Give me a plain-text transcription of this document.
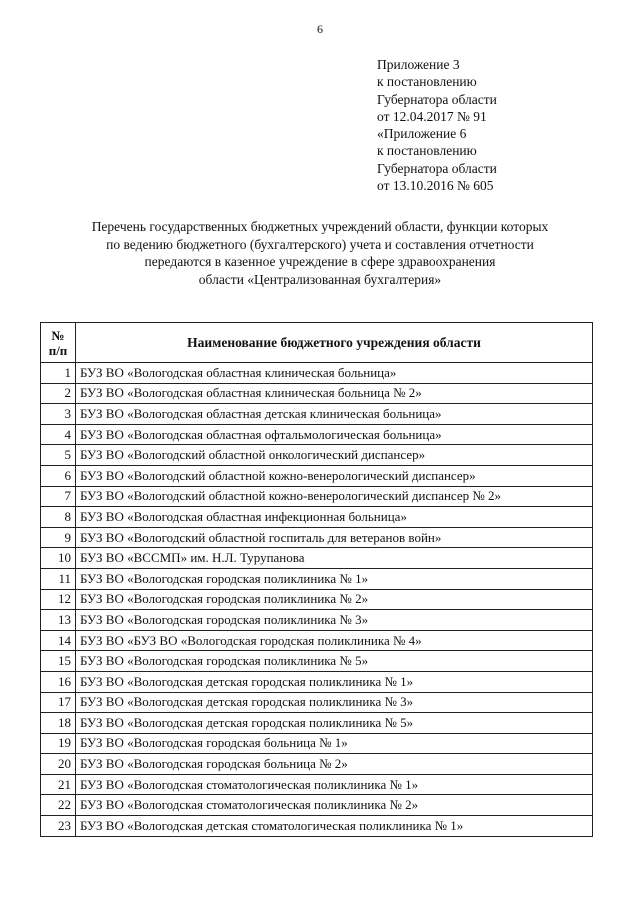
6
Приложение 3
к постановлению
Губернатора области
от 12.04.2017 № 91
«Приложение 6
к постановлению
Губернатора области
от 13.10.2016 № 605
Перечень государственных бюджетных учреждений области, функции которых
по ведению бюджетного (бухгалтерского) учета и составления отчетности
передаются в казенное учреждение в сфере здравоохранения
области «Централизованная бухгалтерия»
№
п/п	Наименование бюджетного учреждения области
1	БУЗ ВО «Вологодская областная клиническая больница»
2	БУЗ ВО «Вологодская областная клиническая больница № 2»
3	БУЗ ВО «Вологодская областная детская клиническая больница»
4	БУЗ ВО «Вологодская областная офтальмологическая больница»
5	БУЗ ВО «Вологодский областной онкологический диспансер»
6	БУЗ ВО «Вологодский областной кожно-венерологический диспансер»
7	БУЗ ВО «Вологодский областной кожно-венерологический диспансер № 2»
8	БУЗ ВО «Вологодская областная инфекционная больница»
9	БУЗ ВО «Вологодский областной госпиталь для ветеранов войн»
10	БУЗ ВО «ВССМП» им. Н.Л. Турупанова
11	БУЗ ВО «Вологодская городская поликлиника № 1»
12	БУЗ ВО «Вологодская городская поликлиника № 2»
13	БУЗ ВО «Вологодская городская поликлиника № 3»
14	БУЗ ВО «БУЗ ВО «Вологодская городская поликлиника № 4»
15	БУЗ ВО «Вологодская городская поликлиника № 5»
16	БУЗ ВО «Вологодская детская городская поликлиника № 1»
17	БУЗ ВО «Вологодская детская городская поликлиника № 3»
18	БУЗ ВО «Вологодская детская городская поликлиника № 5»
19	БУЗ ВО «Вологодская городская больница № 1»
20	БУЗ ВО «Вологодская городская больница № 2»
21	БУЗ ВО «Вологодская стоматологическая поликлиника № 1»
22	БУЗ ВО «Вологодская стоматологическая поликлиника № 2»
23	БУЗ ВО «Вологодская детская стоматологическая поликлиника № 1»
